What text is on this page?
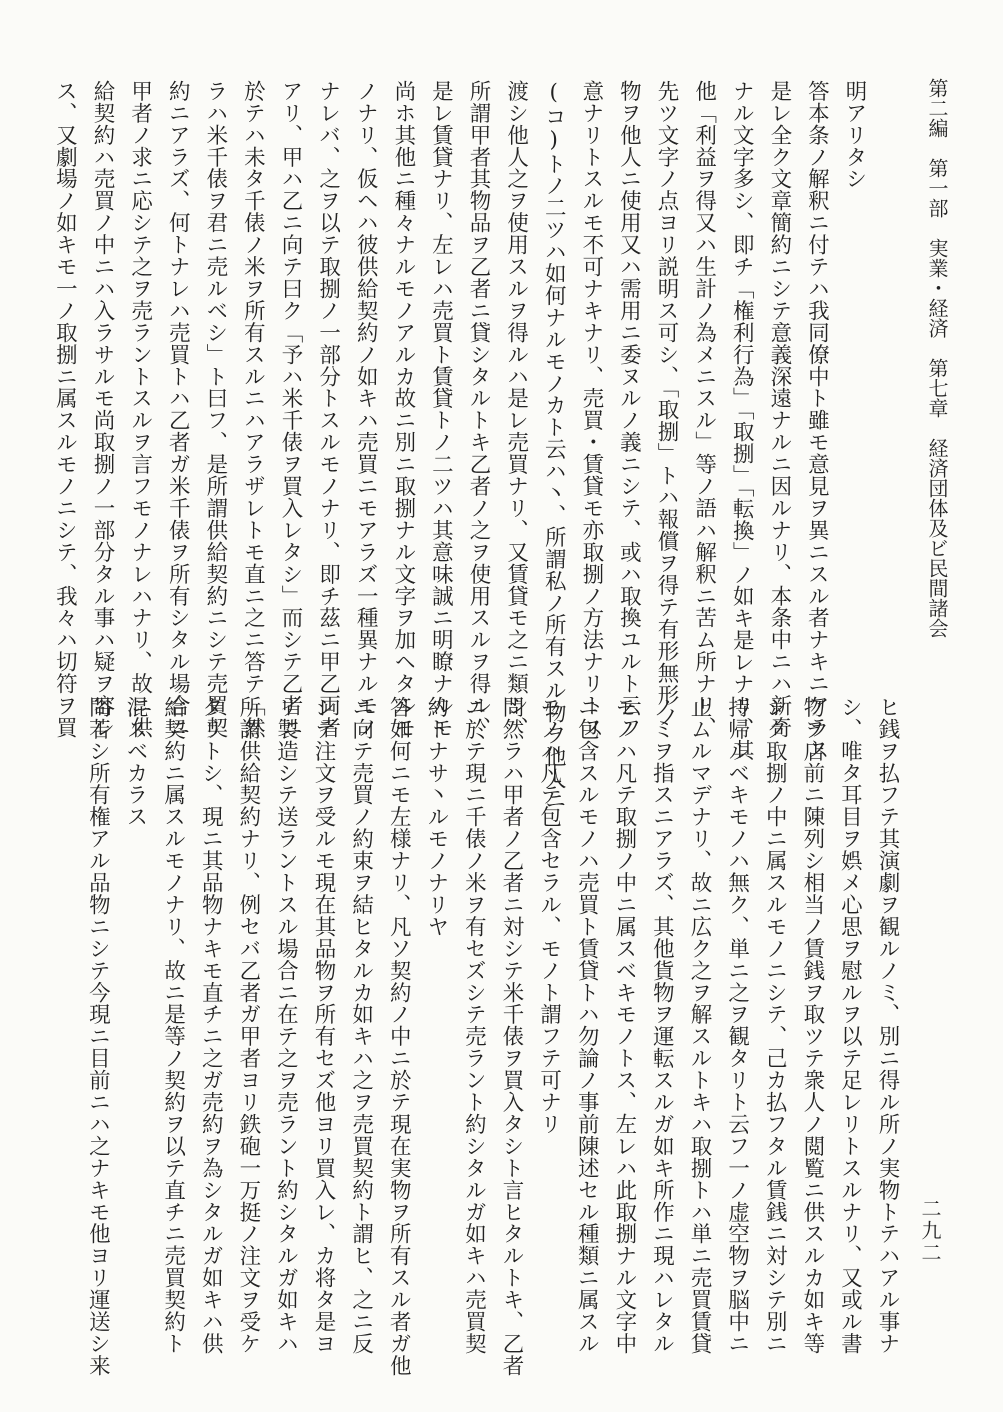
第二編　第一部　実業・経済　第七章　経済団体及ビ民間諸会
二九二
明アリタシ
答本条ノ解釈ニ付テハ我同僚中ト雖モ意見ヲ異ニスル者ナキニアラス
是レ全ク文章簡約ニシテ意義深遠ナルニ因ルナリ、本条中ニハ新奇
ナル文字多シ、即チ「権利行為」「取捌」「転換」ノ如キ是レナリ、其
他「利益ヲ得又ハ生計ノ為メニスル」等ノ語ハ解釈ニ苦ム所ナリ、
先ツ文字ノ点ヨリ説明ス可シ、「取捌」トハ報償ヲ得テ有形無形ノ
物ヲ他人ニ使用又ハ需用ニ委ヌルノ義ニシテ、或ハ取換ユルト云フ
意ナリトスルモ不可ナキナリ、売買・賃貸モ亦取捌ノ方法ナリトス
(コ)トノ二ツハ如何ナルモノカト云ハ丶、所謂私ノ所有スル物ヲ他人ニ
渡シ他人之ヲ使用スルヲ得ルハ是レ売買ナリ、又賃貸モ之ニ類シ、
所謂甲者其物品ヲ乙者ニ貸シタルトキ乙者ノ之ヲ使用スルヲ得ル、
是レ賃貸ナリ、左レハ売買ト賃貸トノ二ツハ其意味誠ニ明瞭ナルモ
尚ホ其他ニ種々ナルモノアルカ故ニ別ニ取捌ナル文字ヲ加ヘタルモ
ノナリ、仮ヘハ彼供給契約ノ如キハ売買ニモアラズ一種異ナルモノ
ナレバ、之ヲ以テ取捌ノ一部分トスルモノナリ、即チ茲ニ甲乙両者
アリ、甲ハ乙ニ向テ曰ク「予ハ米千俵ヲ買入レタシ」而シテ乙者ニ
於テハ未タ千俵ノ米ヲ所有スルニハアラザレトモ直ニ之ニ答テ「然
ラハ米千俵ヲ君ニ売ルベシ」ト曰フ、是所謂供給契約ニシテ売買契
約ニアラズ、何トナレハ売買トハ乙者ガ米千俵ヲ所有シタル場合ニ
甲者ノ求ニ応シテ之ヲ売ラントスルヲ言フモノナレハナリ、故ニ供
給契約ハ売買ノ中ニハ入ラサルモ尚取捌ノ一部分タル事ハ疑ヲ容レ
ス、又劇場ノ如キモ一ノ取捌ニ属スルモノニシテ、我々ハ切符ヲ買
ヒ銭ヲ払フテ其演劇ヲ観ルノミ、別ニ得ル所ノ実物トテハアル事ナ
シ、唯タ耳目ヲ娯メ心思ヲ慰ルヲ以テ足レリトスルナリ、又或ル書
物ヲ店前ニ陳列シ相当ノ賃銭ヲ取ツテ衆人ノ閲覧ニ供スルカ如キ等
シク取捌ノ中ニ属スルモノニシテ、己カ払フタル賃銭ニ対シテ別ニ
持帰ルベキモノハ無ク、単ニ之ヲ観タリト云フ一ノ虚空物ヲ脳中ニ
止ムルマデナリ、故ニ広ク之ヲ解スルトキハ取捌トハ単ニ売買賃貸
ノミヲ指スニアラズ、其他貨物ヲ運転スルガ如キ所作ニ現ハレタル
モノハ凡テ取捌ノ中ニ属スベキモノトス、左レハ此取捌ナル文字中
ニ包含スルモノハ売買ト賃貸トハ勿論ノ事前陳述セル種類ニ属スル
モノハ凡テ包含セラル、モノト謂フテ可ナリ
問然ラハ甲者ノ乙者ニ対シテ米千俵ヲ買入タシト言ヒタルトキ、乙者
ニ於テ現ニ千俵ノ米ヲ有セズシテ売ラント約シタルガ如キハ売買契
約トナサ丶ルモノナリヤ
答如何ニモ左様ナリ、凡ソ契約ノ中ニ於テ現在実物ヲ所有スル者ガ他
ニ向テ売買ノ約束ヲ結ヒタルカ如キハ之ヲ売買契約ト謂ヒ、之ニ反
シテ注文ヲ受ルモ現在其品物ヲ所有セズ他ヨリ買入レ、カ将タ是ヨ
リ製造シテ送ラントスル場合ニ在テ之ヲ売ラント約シタルガ如キハ
所謂供給契約ナリ、例セバ乙者ガ甲者ヨリ鉄砲一万挺ノ注文ヲ受ケ
タリトシ、現ニ其品物ナキモ直チニ之ガ売約ヲ為シタルガ如キハ供
給契約ニ属スルモノナリ、故ニ是等ノ契約ヲ以テ直チニ売買契約ト
混スベカラス
問若シ所有権アル品物ニシテ今現ニ目前ニハ之ナキモ他ヨリ運送シ来
